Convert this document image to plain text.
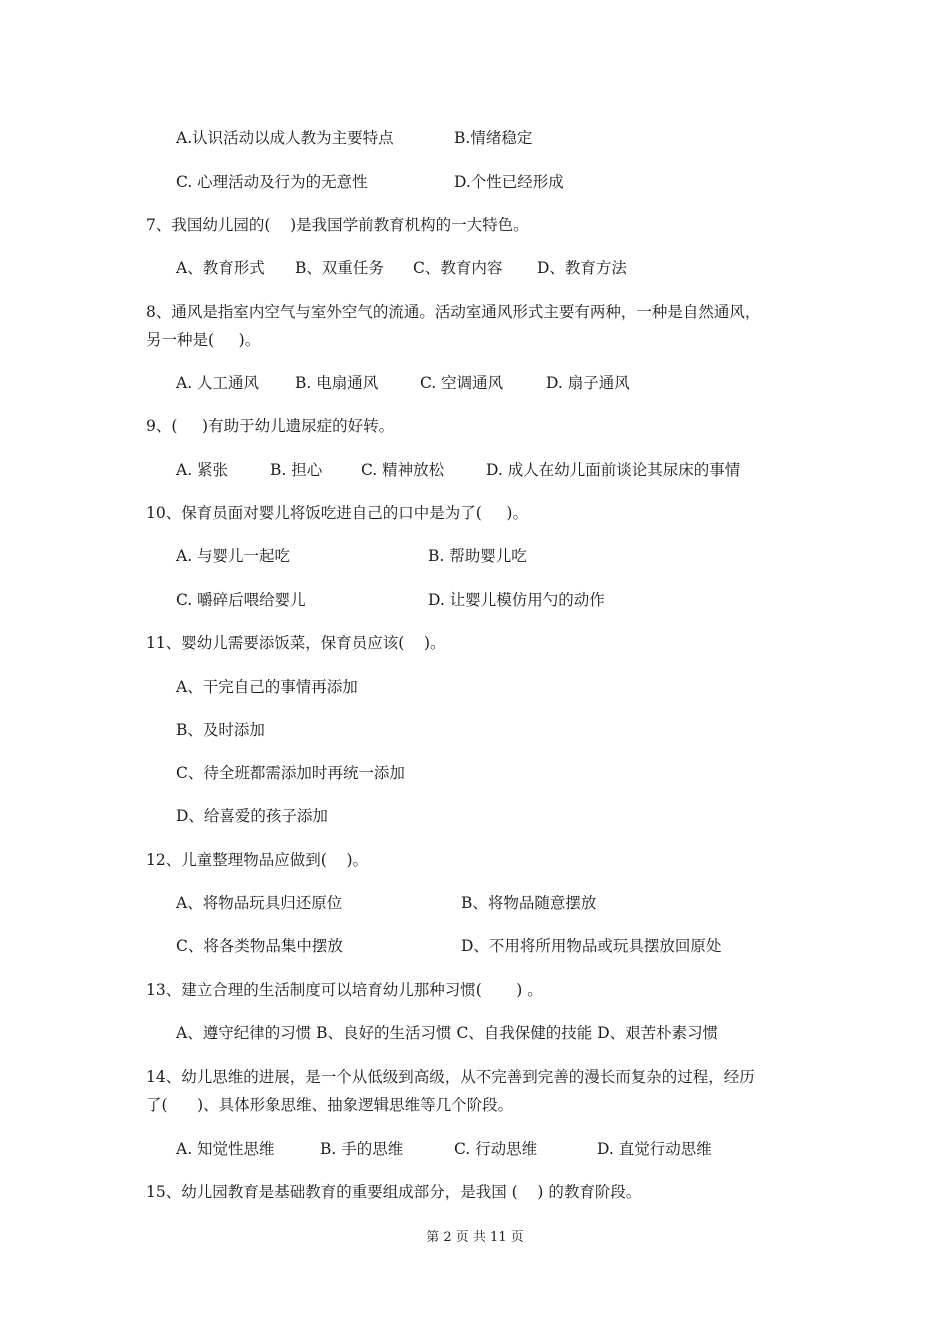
A.认识活动以成人教为主要特点	B.情绪稳定

C. 心理活动及行为的无意性	D.个性已经形成

7、我国幼儿园的(    )是我国学前教育机构的一大特色。

A、教育形式 B、双重任务 C、教育内容 D、教育方法

8、通风是指室内空气与室外空气的流通。活动室通风形式主要有两种，一种是自然通风，

另一种是(     )。

A. 人工通风 B. 电扇通风	C. 空调通风	D. 扇子通风

9、(     )有助于幼儿遗尿症的好转。

A. 紧张	B. 担心	C. 精神放松	D. 成人在幼儿面前谈论其尿床的事情

10、保育员面对婴儿将饭吃进自己的口中是为了(     )。

A. 与婴儿一起吃	B. 帮助婴儿吃

C. 嚼碎后喂给婴儿	D. 让婴儿模仿用勺的动作

11、婴幼儿需要添饭菜，保育员应该(    )。

A、干完自己的事情再添加

B、及时添加

C、待全班都需添加时再统一添加

D、给喜爱的孩子添加

12、儿童整理物品应做到(    )。

A、将物品玩具归还原位	B、将物品随意摆放

C、将各类物品集中摆放	D、不用将所用物品或玩具摆放回原处

13、建立合理的生活制度可以培育幼儿那种习惯(       ) 。

A、遵守纪律的习惯 B、良好的生活习惯 C、自我保健的技能 D、艰苦朴素习惯

14、幼儿思维的进展，是一个从低级到高级，从不完善到完善的漫长而复杂的过程，经历

了(      )、具体形象思维、抽象逻辑思维等几个阶段。

A. 知觉性思维	B. 手的思维	C. 行动思维	D. 直觉行动思维

15、幼儿园教育是基础教育的重要组成部分，是我国 (    ) 的教育阶段。

第 2 页 共 11 页
